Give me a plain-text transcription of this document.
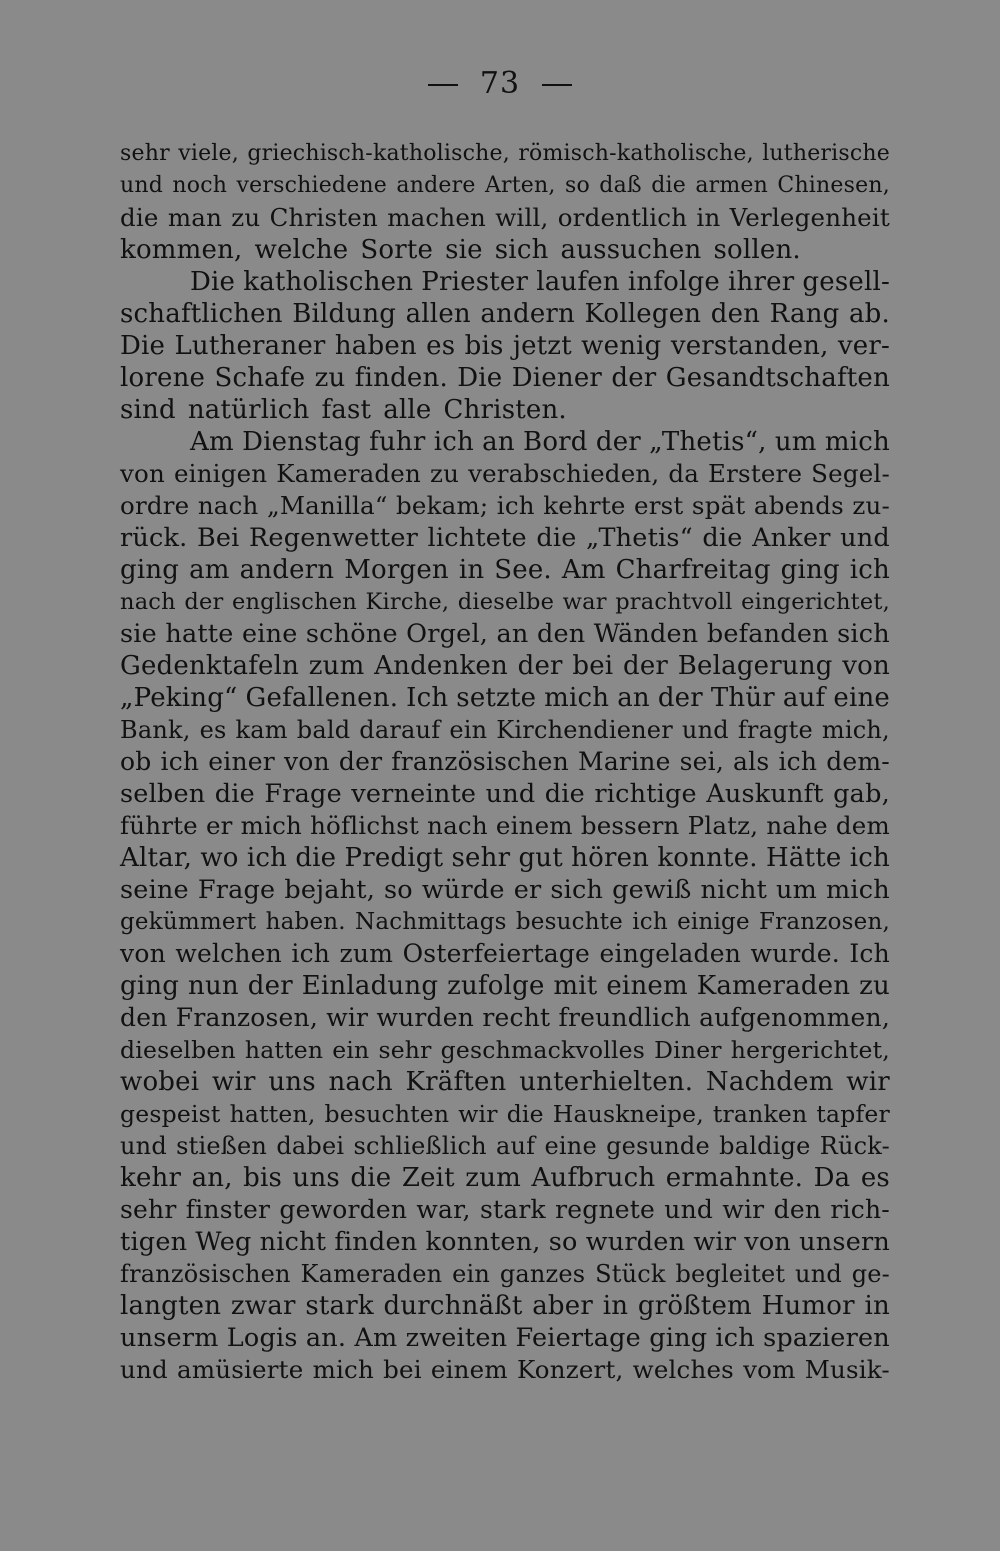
73
sehr viele, griechisch-katholische, römisch-katholische, lutherische
und noch verschiedene andere Arten, so daß die armen Chinesen,
die man zu Christen machen will, ordentlich in Verlegenheit
kommen, welche Sorte sie sich aussuchen sollen.
Die katholischen Priester laufen infolge ihrer gesell-
schaftlichen Bildung allen andern Kollegen den Rang ab.
Die Lutheraner haben es bis jetzt wenig verstanden, ver-
lorene Schafe zu finden. Die Diener der Gesandtschaften
sind natürlich fast alle Christen.
Am Dienstag fuhr ich an Bord der „Thetis“, um mich
von einigen Kameraden zu verabschieden, da Erstere Segel-
ordre nach „Manilla“ bekam; ich kehrte erst spät abends zu-
rück. Bei Regenwetter lichtete die „Thetis“ die Anker und
ging am andern Morgen in See. Am Charfreitag ging ich
nach der englischen Kirche, dieselbe war prachtvoll eingerichtet,
sie hatte eine schöne Orgel, an den Wänden befanden sich
Gedenktafeln zum Andenken der bei der Belagerung von
„Peking“ Gefallenen. Ich setzte mich an der Thür auf eine
Bank, es kam bald darauf ein Kirchendiener und fragte mich,
ob ich einer von der französischen Marine sei, als ich dem-
selben die Frage verneinte und die richtige Auskunft gab,
führte er mich höflichst nach einem bessern Platz, nahe dem
Altar, wo ich die Predigt sehr gut hören konnte. Hätte ich
seine Frage bejaht, so würde er sich gewiß nicht um mich
gekümmert haben. Nachmittags besuchte ich einige Franzosen,
von welchen ich zum Osterfeiertage eingeladen wurde. Ich
ging nun der Einladung zufolge mit einem Kameraden zu
den Franzosen, wir wurden recht freundlich aufgenommen,
dieselben hatten ein sehr geschmackvolles Diner hergerichtet,
wobei wir uns nach Kräften unterhielten. Nachdem wir
gespeist hatten, besuchten wir die Hauskneipe, tranken tapfer
und stießen dabei schließlich auf eine gesunde baldige Rück-
kehr an, bis uns die Zeit zum Aufbruch ermahnte. Da es
sehr finster geworden war, stark regnete und wir den rich-
tigen Weg nicht finden konnten, so wurden wir von unsern
französischen Kameraden ein ganzes Stück begleitet und ge-
langten zwar stark durchnäßt aber in größtem Humor in
unserm Logis an. Am zweiten Feiertage ging ich spazieren
und amüsierte mich bei einem Konzert, welches vom Musik-
